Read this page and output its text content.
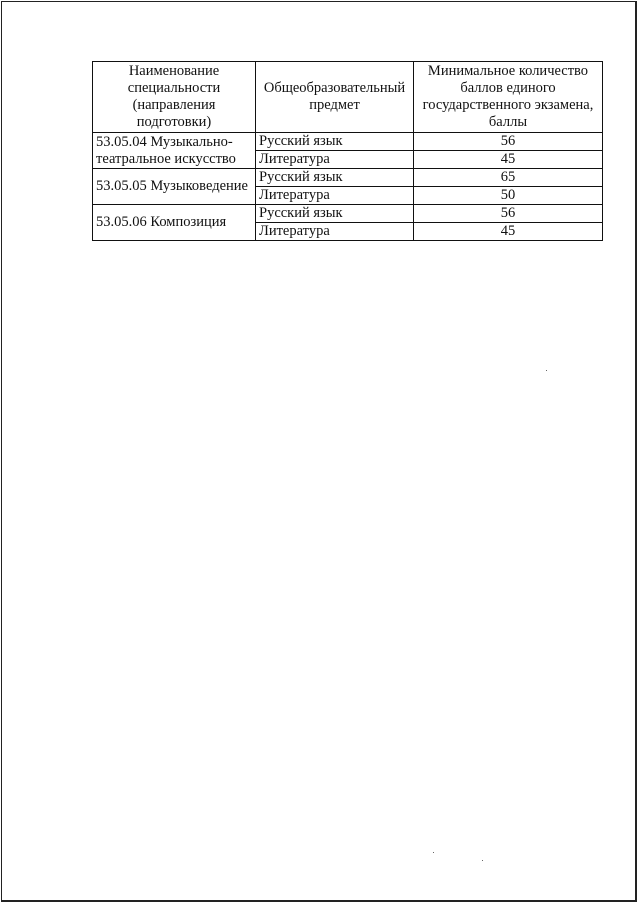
Наименование специальности (направления подготовки)	Общеобразовательный предмет	Минимальное количество баллов единого государственного экзамена, баллы
53.05.04 Музыкально-театральное искусство	Русский язык	56
	Литература	45
53.05.05 Музыковедение	Русский язык	65
	Литература	50
53.05.06 Композиция	Русский язык	56
	Литература	45
